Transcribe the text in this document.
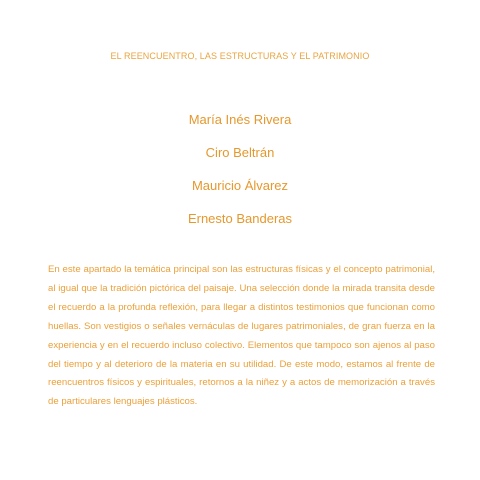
EL REENCUENTRO, LAS ESTRUCTURAS Y EL PATRIMONIO
María Inés Rivera
Ciro Beltrán
Mauricio Álvarez
Ernesto Banderas

En este apartado la temática principal son las estructuras físicas y el concepto patrimonial, al igual que la tradición pictórica del paisaje. Una selección donde la mirada transita desde el recuerdo a la profunda reflexión, para llegar a distintos testimonios que funcionan como huellas. Son vestigios o señales vernáculas de lugares patrimoniales, de gran fuerza en la experiencia y en el recuerdo incluso colectivo. Elementos que tampoco son ajenos al paso del tiempo y al deterioro de la materia en su utilidad. De este modo, estamos al frente de reencuentros físicos y espirituales, retornos a la niñez y a actos de memorización a través de particulares lenguajes plásticos.
